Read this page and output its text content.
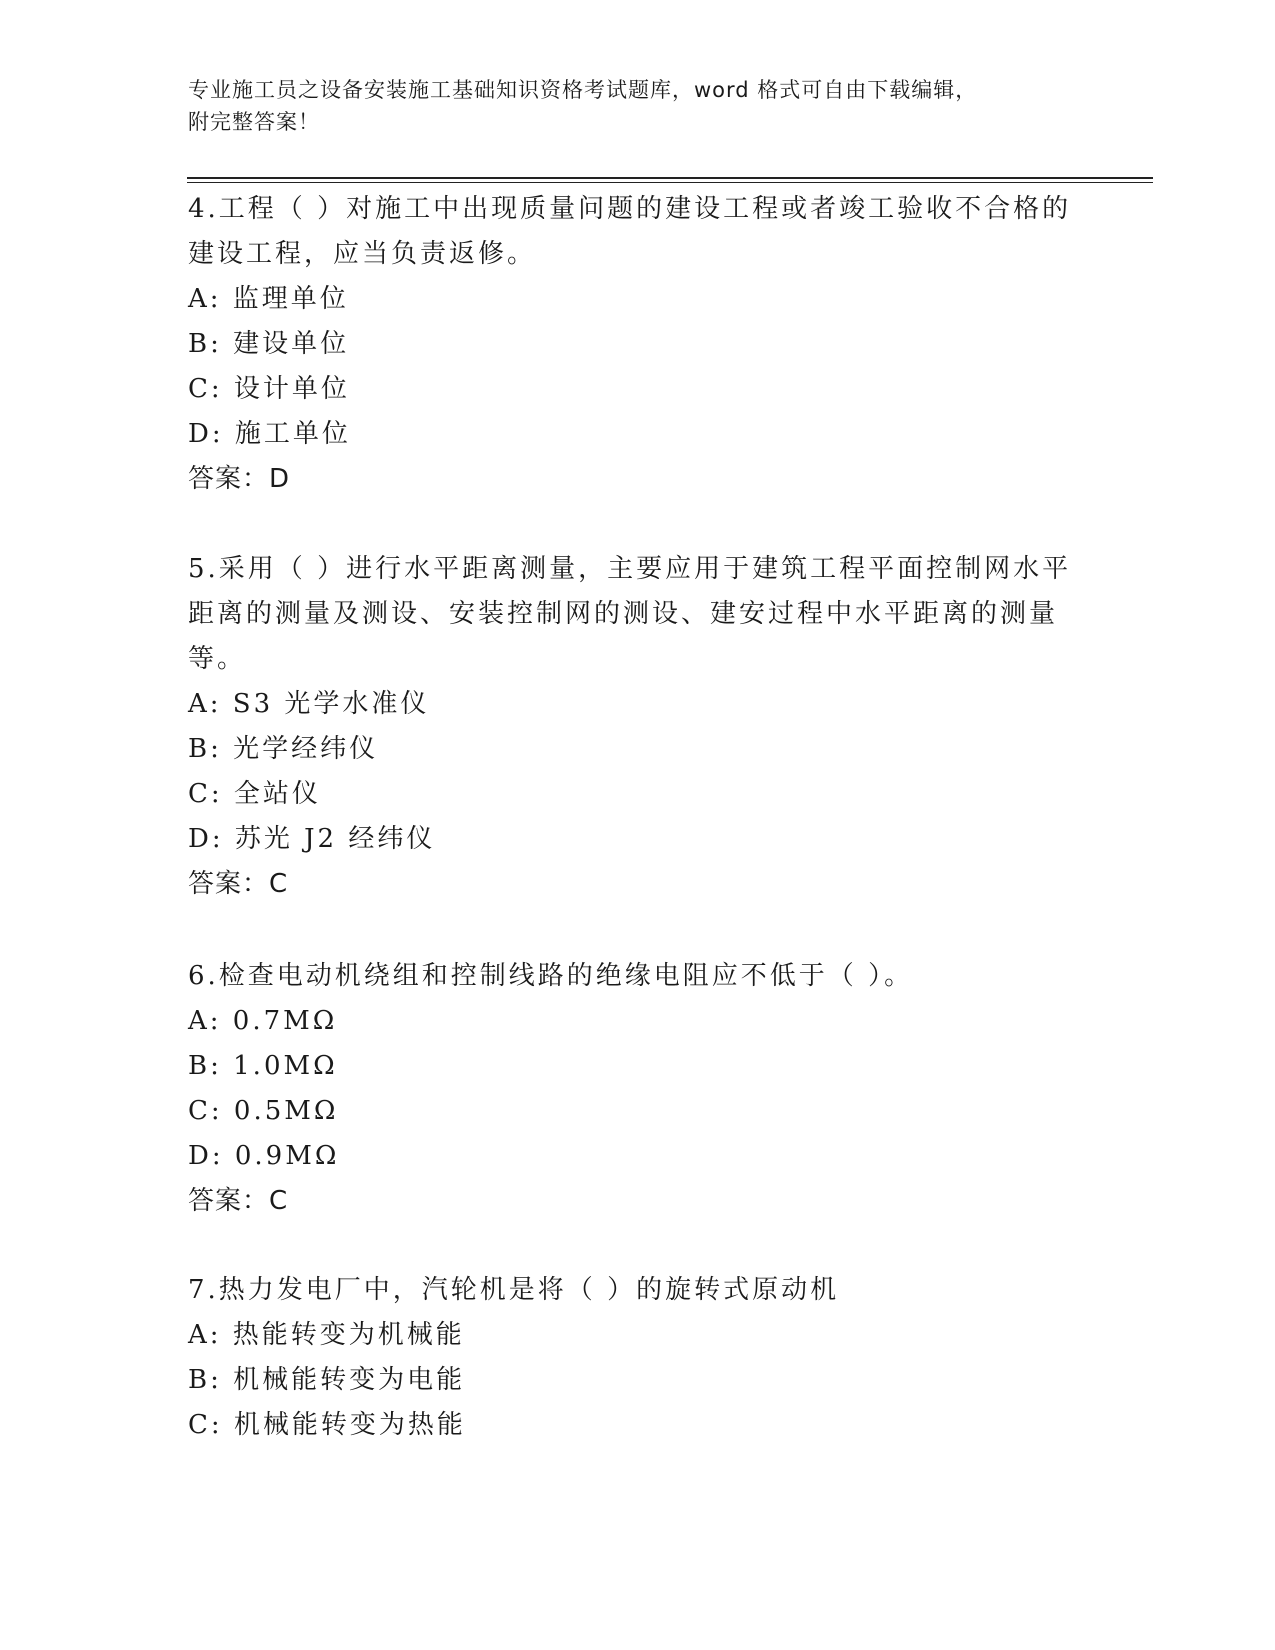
专业施工员之设备安装施工基础知识资格考试题库，word 格式可自由下载编辑，
附完整答案！
4.工程（ ）对施工中出现质量问题的建设工程或者竣工验收不合格的
建设工程，应当负责返修。
A: 监理单位
B: 建设单位
C: 设计单位
D: 施工单位
答案：D
5.采用（ ）进行水平距离测量，主要应用于建筑工程平面控制网水平
距离的测量及测设、安装控制网的测设、建安过程中水平距离的测量
等。
A: S3 光学水准仪
B: 光学经纬仪
C: 全站仪
D: 苏光 J2 经纬仪
答案：C
6.检查电动机绕组和控制线路的绝缘电阻应不低于（ ）。
A: 0.7MΩ
B: 1.0MΩ
C: 0.5MΩ
D: 0.9MΩ
答案：C
7.热力发电厂中，汽轮机是将（ ）的旋转式原动机
A: 热能转变为机械能
B: 机械能转变为电能
C: 机械能转变为热能
